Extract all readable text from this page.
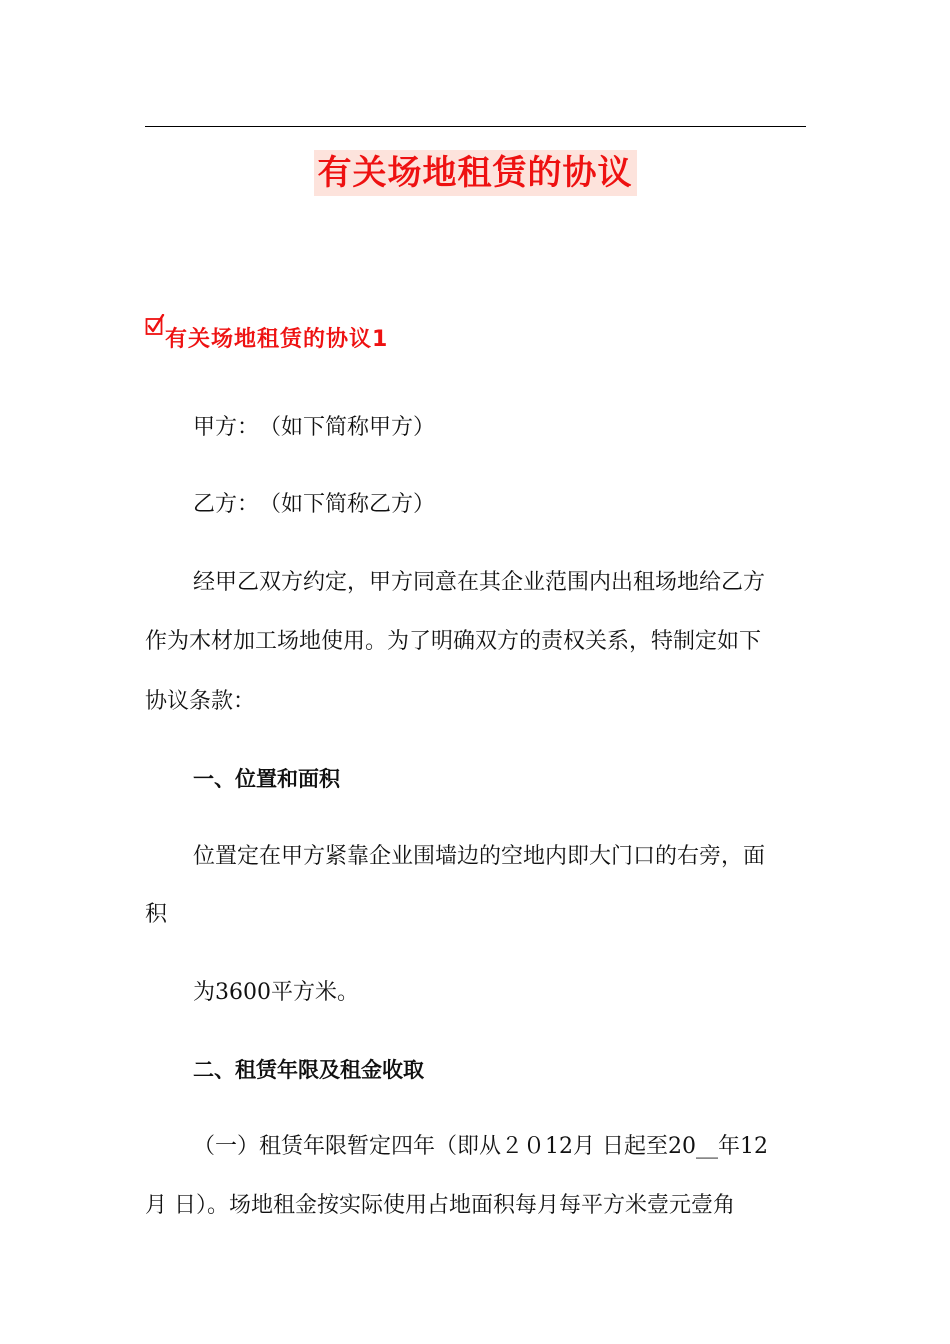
有关场地租赁的协议
有关场地租赁的协议1

甲方：　（如下简称甲方）

乙方：　（如下简称乙方）

经甲乙双方约定，甲方同意在其企业范围内出租场地给乙方

作为木材加工场地使用。为了明确双方的责权关系，特制定如下

协议条款：

一、位置和面积

位置定在甲方紧靠企业围墙边的空地内即大门口的右旁，面

积

为3600平方米。

二、租赁年限及租金收取

（一）租赁年限暂定四年（即从２０12月 日起至20__年12

月 日）。场地租金按实际使用占地面积每月每平方米壹元壹角
